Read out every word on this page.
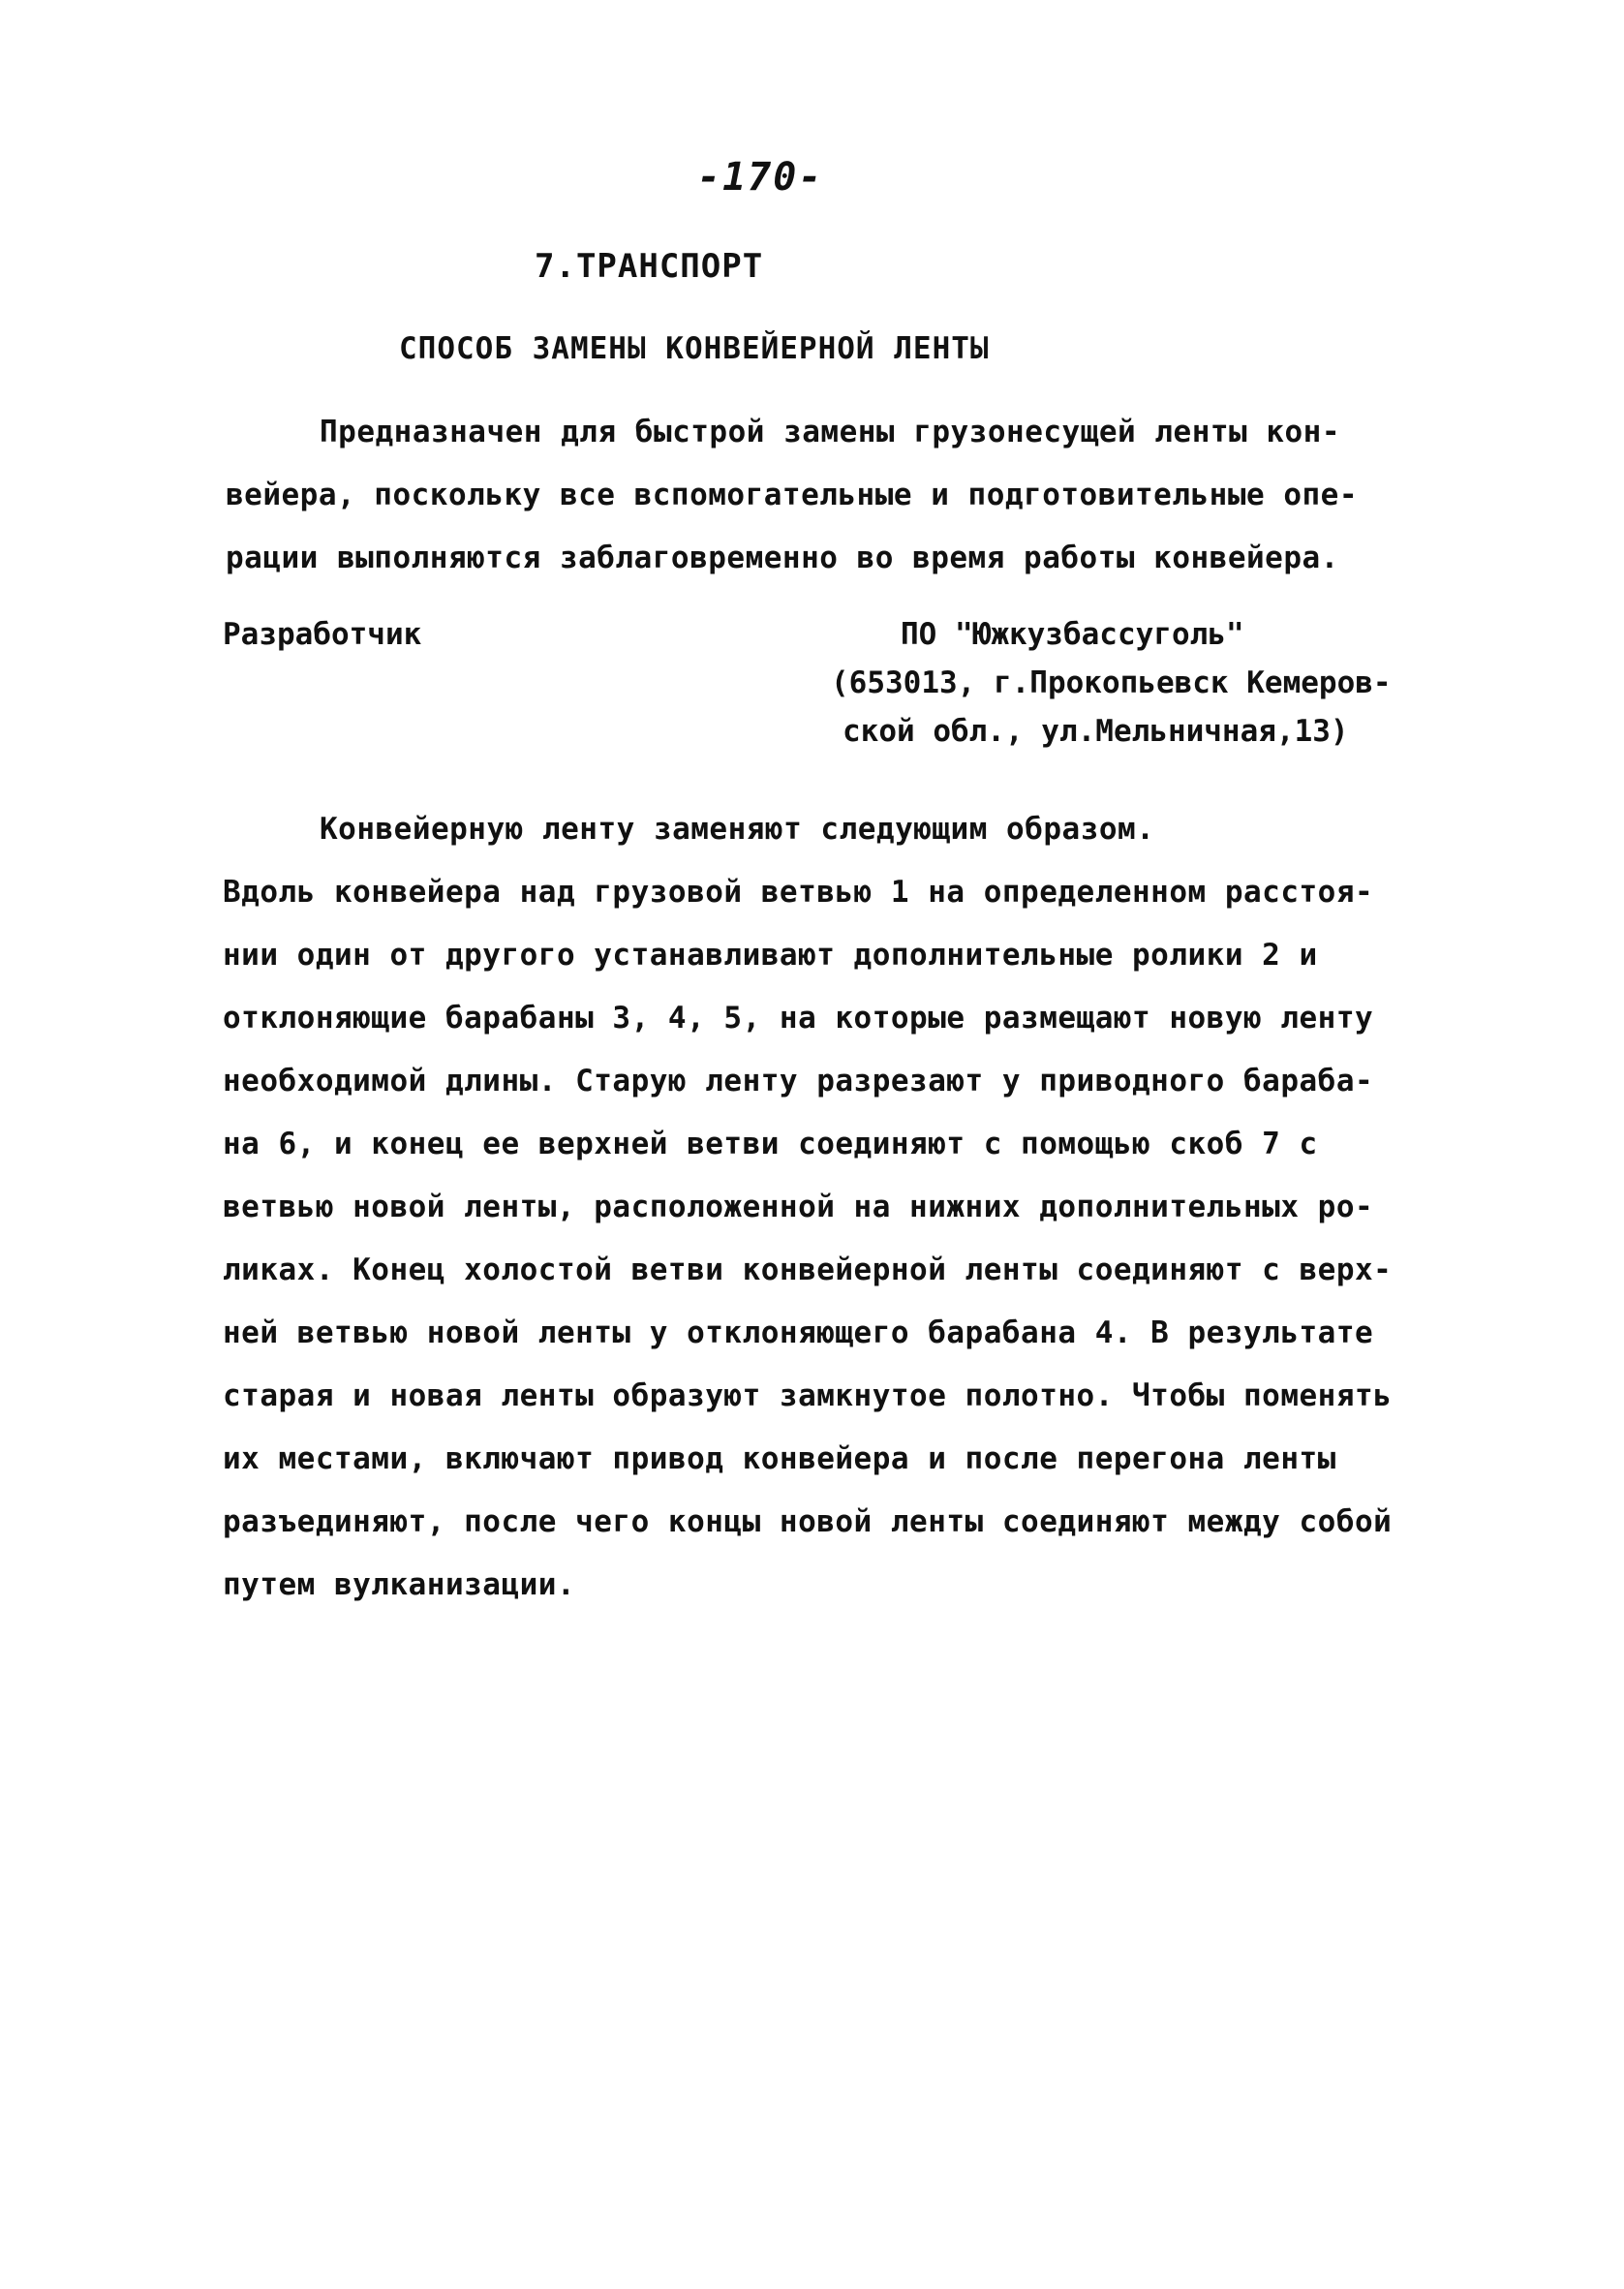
-170-
7.ТРАНСПОРТ
СПОСОБ ЗАМЕНЫ КОНВЕЙЕРНОЙ ЛЕНТЫ
Предназначен для быстрой замены грузонесущей ленты кон-
вейера, поскольку все вспомогательные и подготовительные опе-
рации выполняются заблаговременно во время работы конвейера.
Разработчик	ПО "Южкузбассуголь"
(653013, г.Прокопьевск Кемеров-
ской обл., ул.Мельничная,13)
Конвейерную ленту заменяют следующим образом.
Вдоль конвейера над грузовой ветвью 1 на определенном расстоя-
нии один от другого устанавливают дополнительные ролики 2 и
отклоняющие барабаны 3, 4, 5, на которые размещают новую ленту
необходимой длины. Старую ленту разрезают у приводного бараба-
на 6, и конец ее верхней ветви соединяют с помощью скоб 7 с
ветвью новой ленты, расположенной на нижних дополнительных ро-
ликах. Конец холостой ветви конвейерной ленты соединяют с верх-
ней ветвью новой ленты у отклоняющего барабана 4. В результате
старая и новая ленты образуют замкнутое полотно. Чтобы поменять
их местами, включают привод конвейера и после перегона ленты
разъединяют, после чего концы новой ленты соединяют между собой
путем вулканизации.
